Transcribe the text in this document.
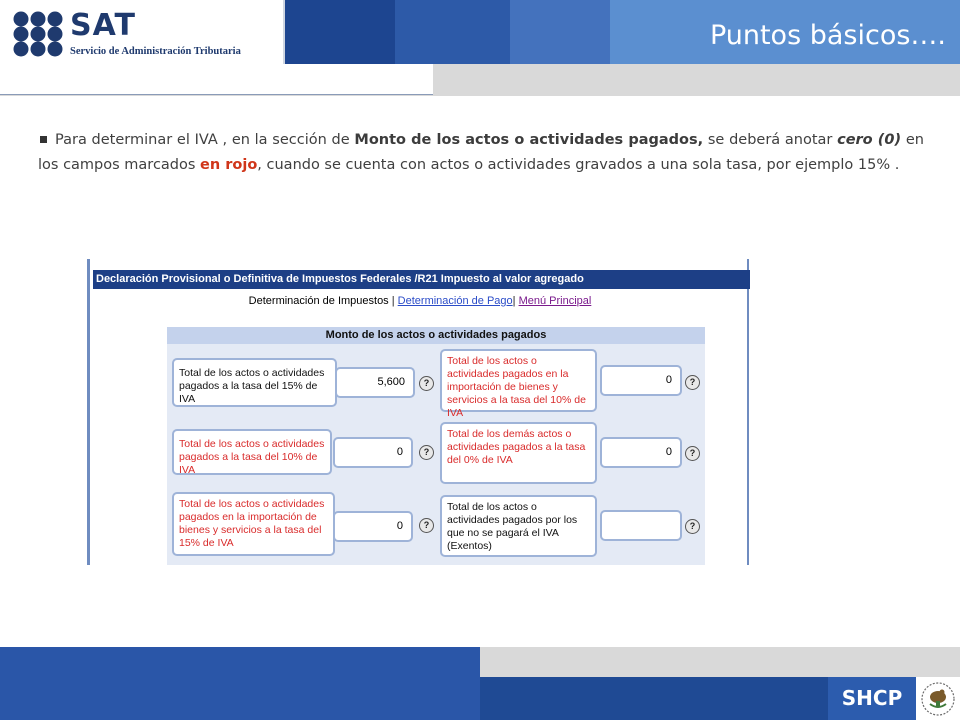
SAT
Servicio de Administración Tributaria
Puntos básicos….
Para determinar el IVA , en la sección de Monto de los actos o actividades pagados, se deberá anotar cero (0) en los campos marcados en rojo, cuando se cuenta con actos o actividades gravados a una sola tasa, por ejemplo 15% .
Declaración Provisional o Definitiva de Impuestos Federales /R21 Impuesto al valor agregado
Determinación de Impuestos | Determinación de Pago| Menú Principal
Monto de los actos o actividades pagados
Total de los actos o actividades pagados a la tasa del 15% de IVA
5,600	?
Total de los actos o actividades pagados en la importación de bienes y servicios a la tasa del 10% de IVA
0	?
Total de los actos o actividades pagados a la tasa del 10% de IVA
0	?
Total de los demás actos o actividades pagados a la tasa del 0% de IVA
0	?
Total de los actos o actividades pagados en la importación de bienes y servicios a la tasa del 15% de IVA
0	?
Total de los actos o actividades pagados por los que no se pagará el IVA (Exentos)
?
SHCP
